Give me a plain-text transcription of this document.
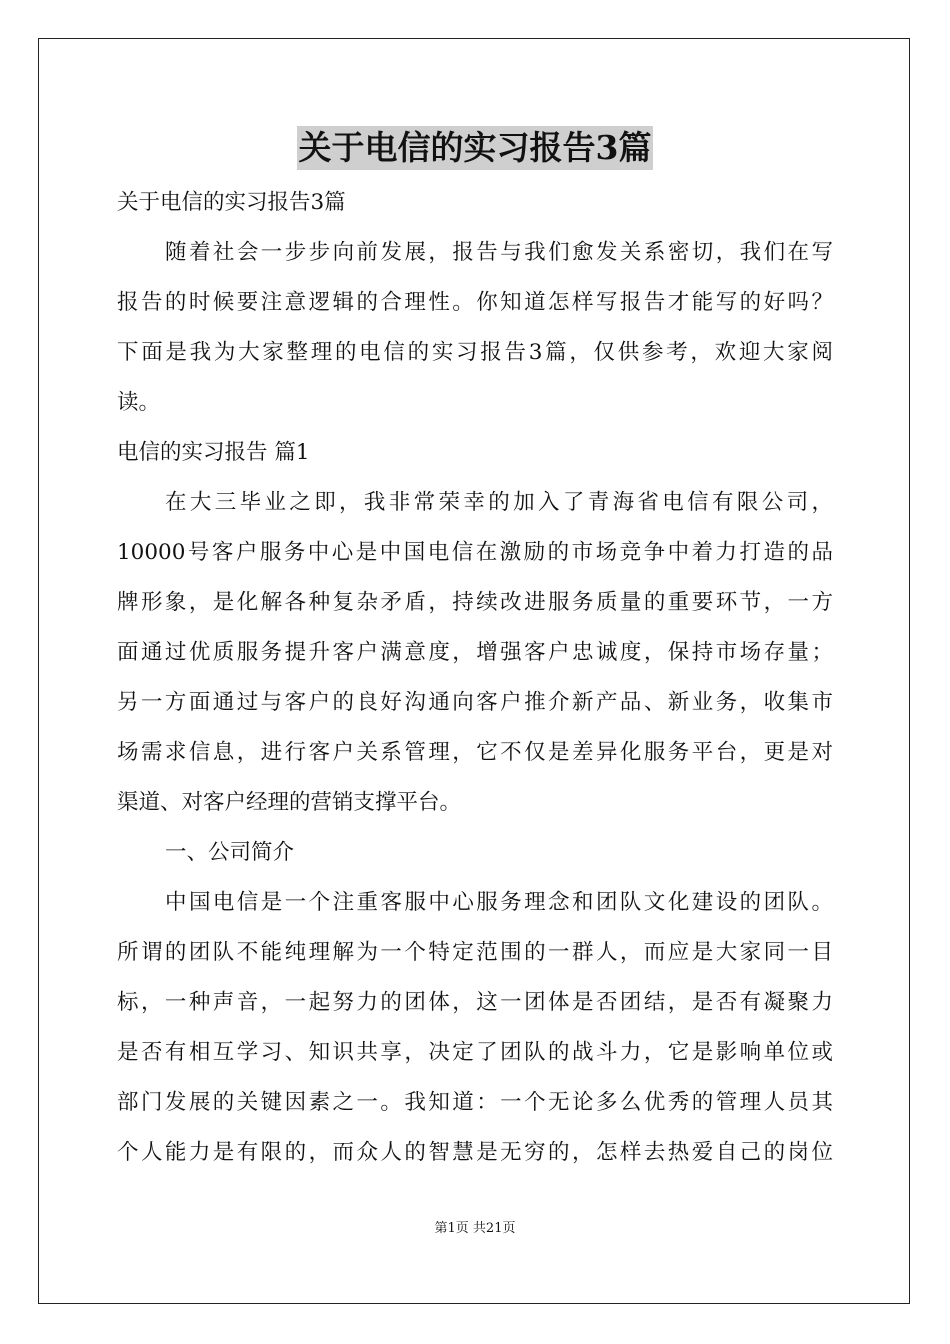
关于电信的实习报告3篇
关于电信的实习报告3篇
随着社会一步步向前发展，报告与我们愈发关系密切，我们在写
报告的时候要注意逻辑的合理性。你知道怎样写报告才能写的好吗？
下面是我为大家整理的电信的实习报告3篇，仅供参考，欢迎大家阅
读。
电信的实习报告 篇1
在大三毕业之即，我非常荣幸的加入了青海省电信有限公司，
10000号客户服务中心是中国电信在激励的市场竞争中着力打造的品
牌形象，是化解各种复杂矛盾，持续改进服务质量的重要环节，一方
面通过优质服务提升客户满意度，增强客户忠诚度，保持市场存量；
另一方面通过与客户的良好沟通向客户推介新产品、新业务，收集市
场需求信息，进行客户关系管理，它不仅是差异化服务平台，更是对
渠道、对客户经理的营销支撑平台。
一、公司简介
中国电信是一个注重客服中心服务理念和团队文化建设的团队。
所谓的团队不能纯理解为一个特定范围的一群人，而应是大家同一目
标，一种声音，一起努力的团体，这一团体是否团结，是否有凝聚力
是否有相互学习、知识共享，决定了团队的战斗力，它是影响单位或
部门发展的关键因素之一。我知道：一个无论多么优秀的管理人员其
个人能力是有限的，而众人的智慧是无穷的，怎样去热爱自己的岗位
第1页 共21页
